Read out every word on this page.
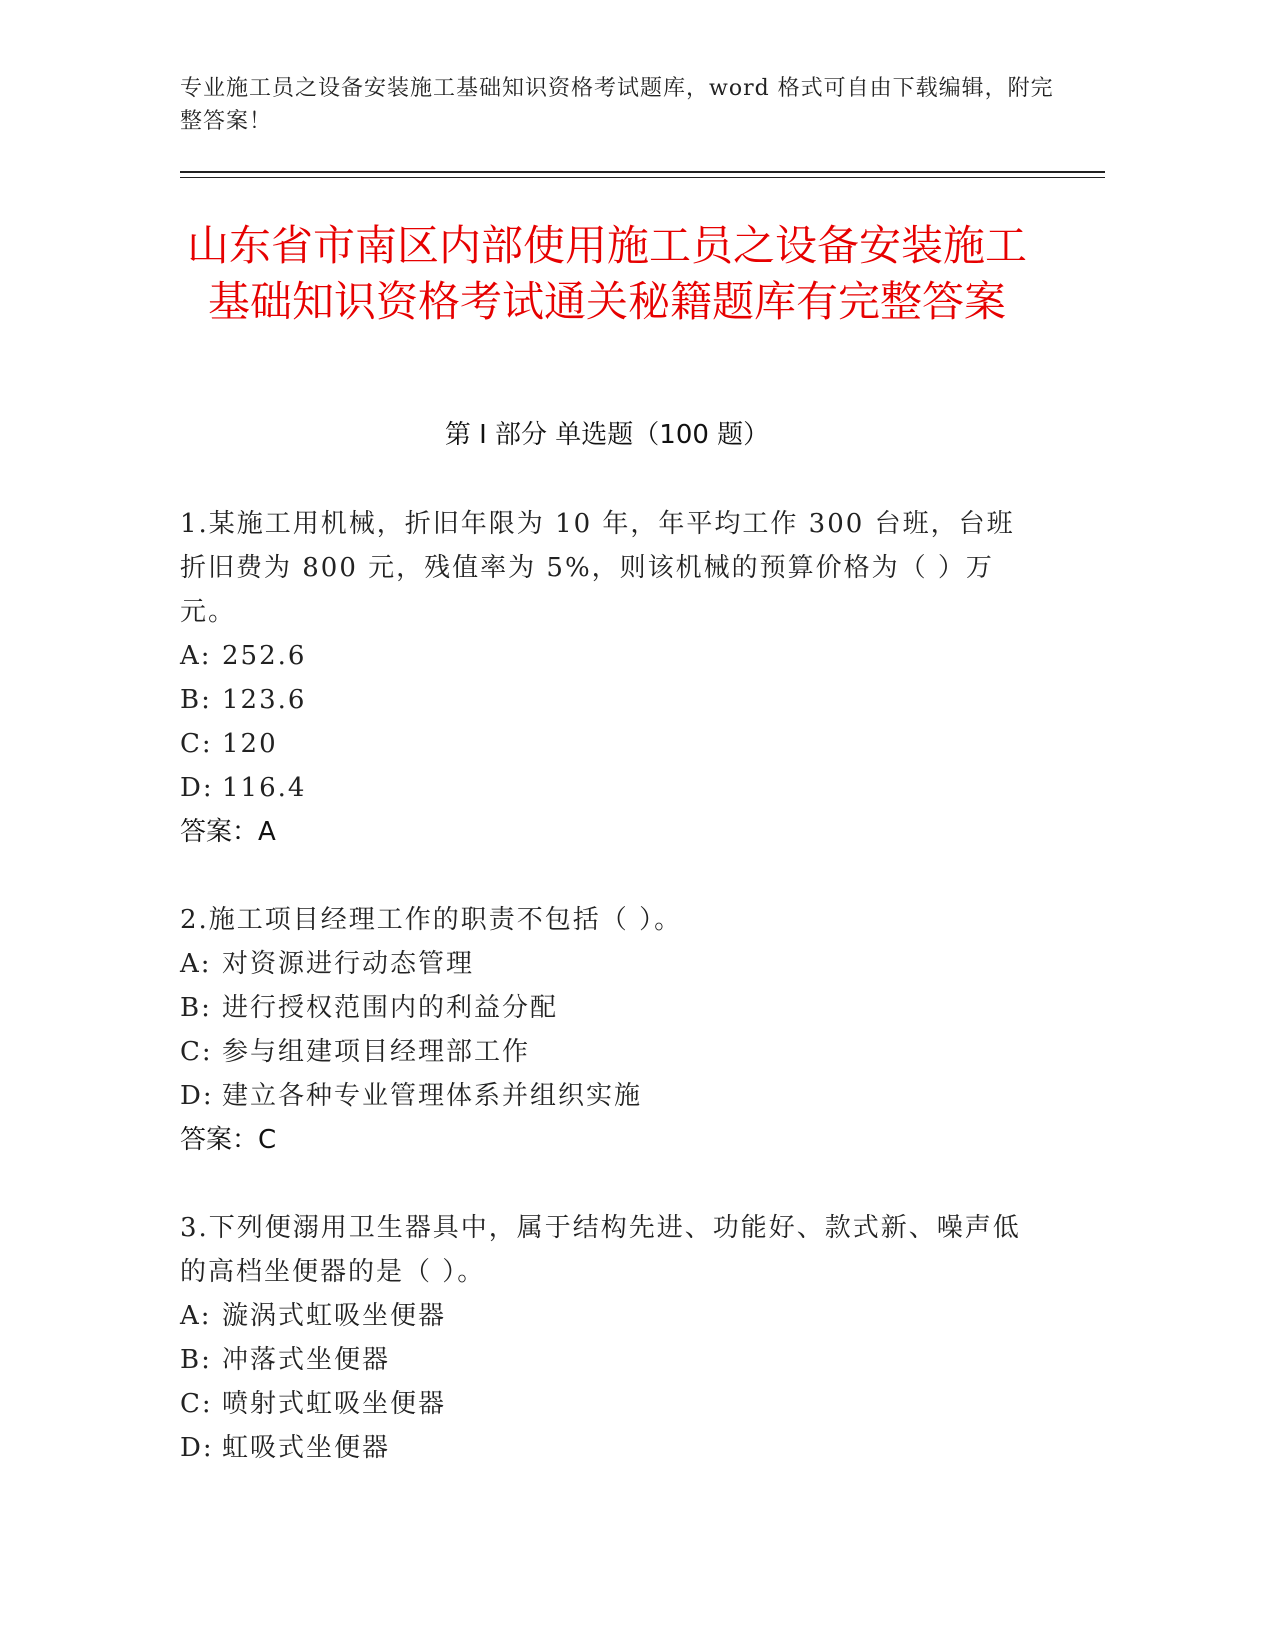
专业施工员之设备安装施工基础知识资格考试题库，word 格式可自由下载编辑，附完整答案！
山东省市南区内部使用施工员之设备安装施工基础知识资格考试通关秘籍题库有完整答案
第 I 部分 单选题（100 题）
1.某施工用机械，折旧年限为 10 年，年平均工作 300 台班，台班折旧费为 800 元，残值率为 5%，则该机械的预算价格为（ ）万元。
A: 252.6
B: 123.6
C: 120
D: 116.4
答案：A
2.施工项目经理工作的职责不包括（ ）。
A: 对资源进行动态管理
B: 进行授权范围内的利益分配
C: 参与组建项目经理部工作
D: 建立各种专业管理体系并组织实施
答案：C
3.下列便溺用卫生器具中，属于结构先进、功能好、款式新、噪声低的高档坐便器的是（ ）。
A: 漩涡式虹吸坐便器
B: 冲落式坐便器
C: 喷射式虹吸坐便器
D: 虹吸式坐便器
